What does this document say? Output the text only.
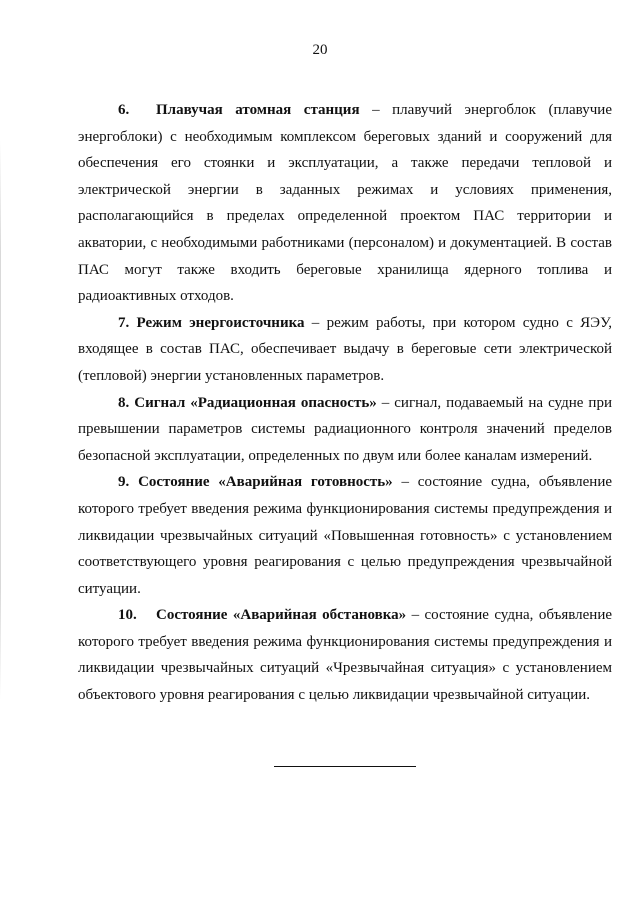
20

6. Плавучая атомная станция – плавучий энергоблок (плавучие энергоблоки) с необходимым комплексом береговых зданий и сооружений для обеспечения его стоянки и эксплуатации, а также передачи тепловой и электрической энергии в заданных режимах и условиях применения, располагающийся в пределах определенной проектом ПАС территории и акватории, с необходимыми работниками (персоналом) и документацией. В состав ПАС могут также входить береговые хранилища ядерного топлива и радиоактивных отходов.

7. Режим энергоисточника – режим работы, при котором судно с ЯЭУ, входящее в состав ПАС, обеспечивает выдачу в береговые сети электрической (тепловой) энергии установленных параметров.

8. Сигнал «Радиационная опасность» – сигнал, подаваемый на судне при превышении параметров системы радиационного контроля значений пределов безопасной эксплуатации, определенных по двум или более каналам измерений.

9. Состояние «Аварийная готовность» – состояние судна, объявление которого требует введения режима функционирования системы предупреждения и ликвидации чрезвычайных ситуаций «Повышенная готовность» с установлением соответствующего уровня реагирования с целью предупреждения чрезвычайной ситуации.

10. Состояние «Аварийная обстановка» – состояние судна, объявление которого требует введения режима функционирования системы предупреждения и ликвидации чрезвычайных ситуаций «Чрезвычайная ситуация» с установлением объектового уровня реагирования с целью ликвидации чрезвычайной ситуации.
